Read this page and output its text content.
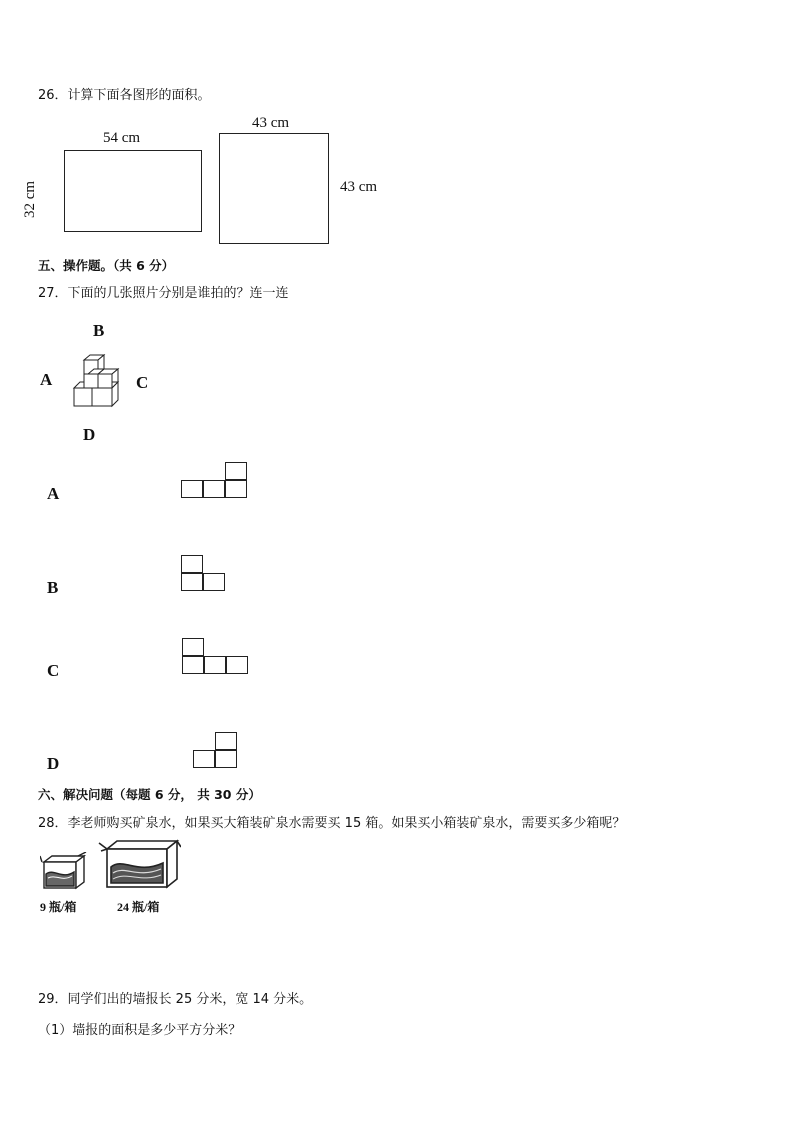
26．计算下面各图形的面积。
54 cm
32 cm
43 cm
43 cm
五、操作题。（共 6 分）
27．下面的几张照片分别是谁拍的？连一连
B
A	C
D
A
B
C
D
六、解决问题（每题 6 分， 共 30 分）
28．李老师购买矿泉水，如果买大箱装矿泉水需要买 15 箱。如果买小箱装矿泉水，需要买多少箱呢？
9 瓶/箱	24 瓶/箱
29．同学们出的墙报长 25 分米，宽 14 分米。
（1）墙报的面积是多少平方分米？
